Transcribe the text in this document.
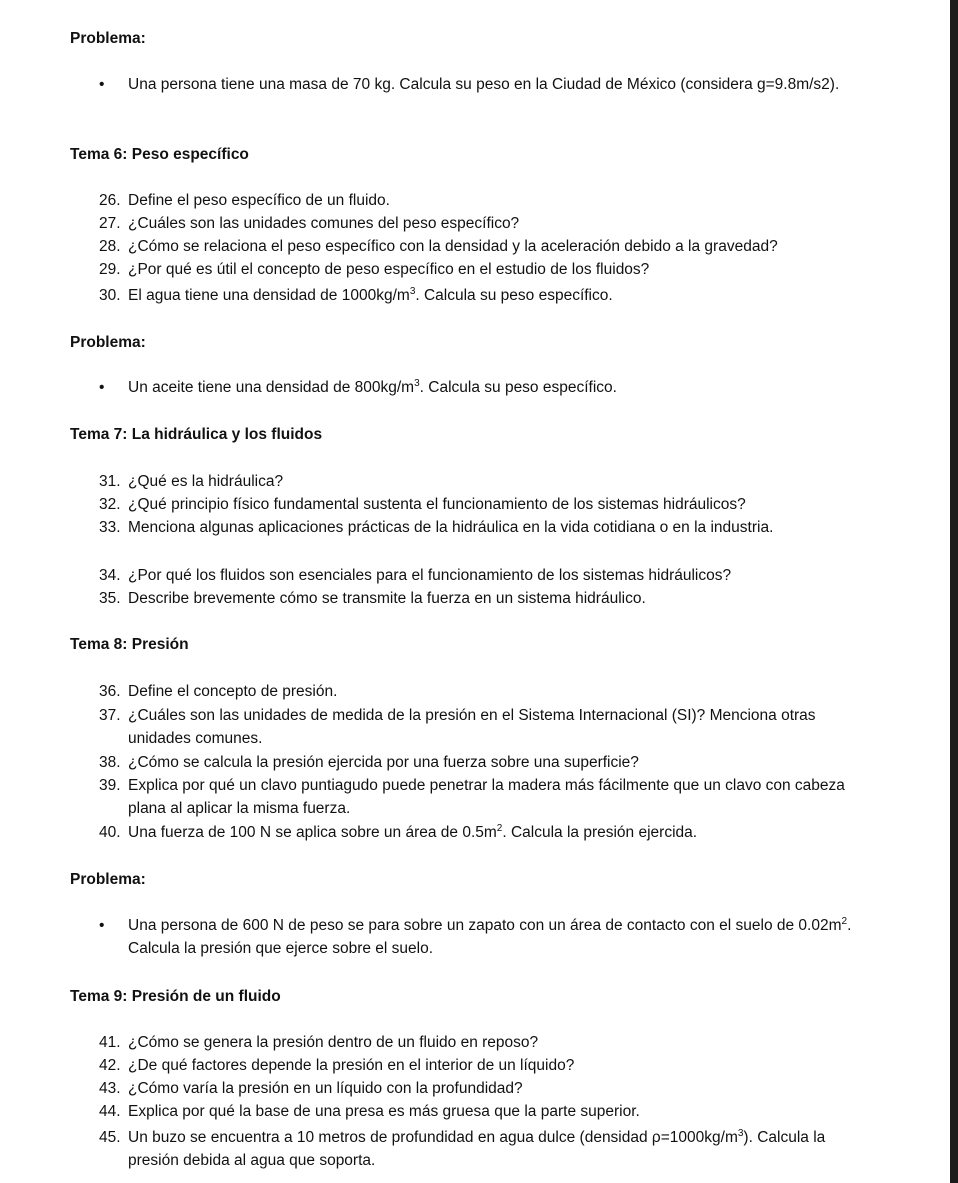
Problema:
•	Una persona tiene una masa de 70 kg. Calcula su peso en la Ciudad de México (considera g=9.8m/s2).
Tema 6: Peso específico
26. Define el peso específico de un fluido.
27. ¿Cuáles son las unidades comunes del peso específico?
28. ¿Cómo se relaciona el peso específico con la densidad y la aceleración debido a la gravedad?
29. ¿Por qué es útil el concepto de peso específico en el estudio de los fluidos?
30. El agua tiene una densidad de $1000kg/m^3$. Calcula su peso específico.
Problema:
•	Un aceite tiene una densidad de $800kg/m^3$. Calcula su peso específico.
Tema 7: La hidráulica y los fluidos
31. ¿Qué es la hidráulica?
32. ¿Qué principio físico fundamental sustenta el funcionamiento de los sistemas hidráulicos?
33. Menciona algunas aplicaciones prácticas de la hidráulica en la vida cotidiana o en la industria.
34. ¿Por qué los fluidos son esenciales para el funcionamiento de los sistemas hidráulicos?
35. Describe brevemente cómo se transmite la fuerza en un sistema hidráulico.
Tema 8: Presión
36. Define el concepto de presión.
37. ¿Cuáles son las unidades de medida de la presión en el Sistema Internacional (SI)? Menciona otras unidades comunes.
38. ¿Cómo se calcula la presión ejercida por una fuerza sobre una superficie?
39. Explica por qué un clavo puntiagudo puede penetrar la madera más fácilmente que un clavo con cabeza plana al aplicar la misma fuerza.
40. Una fuerza de 100 N se aplica sobre un área de $0.5m^2$. Calcula la presión ejercida.
Problema:
•	Una persona de 600 N de peso se para sobre un zapato con un área de contacto con el suelo de $0.02m^2$. Calcula la presión que ejerce sobre el suelo.
Tema 9: Presión de un fluido
41. ¿Cómo se genera la presión dentro de un fluido en reposo?
42. ¿De qué factores depende la presión en el interior de un líquido?
43. ¿Cómo varía la presión en un líquido con la profundidad?
44. Explica por qué la base de una presa es más gruesa que la parte superior.
45. Un buzo se encuentra a 10 metros de profundidad en agua dulce (densidad $\rho=1000kg/m^3$). Calcula la presión debida al agua que soporta.
